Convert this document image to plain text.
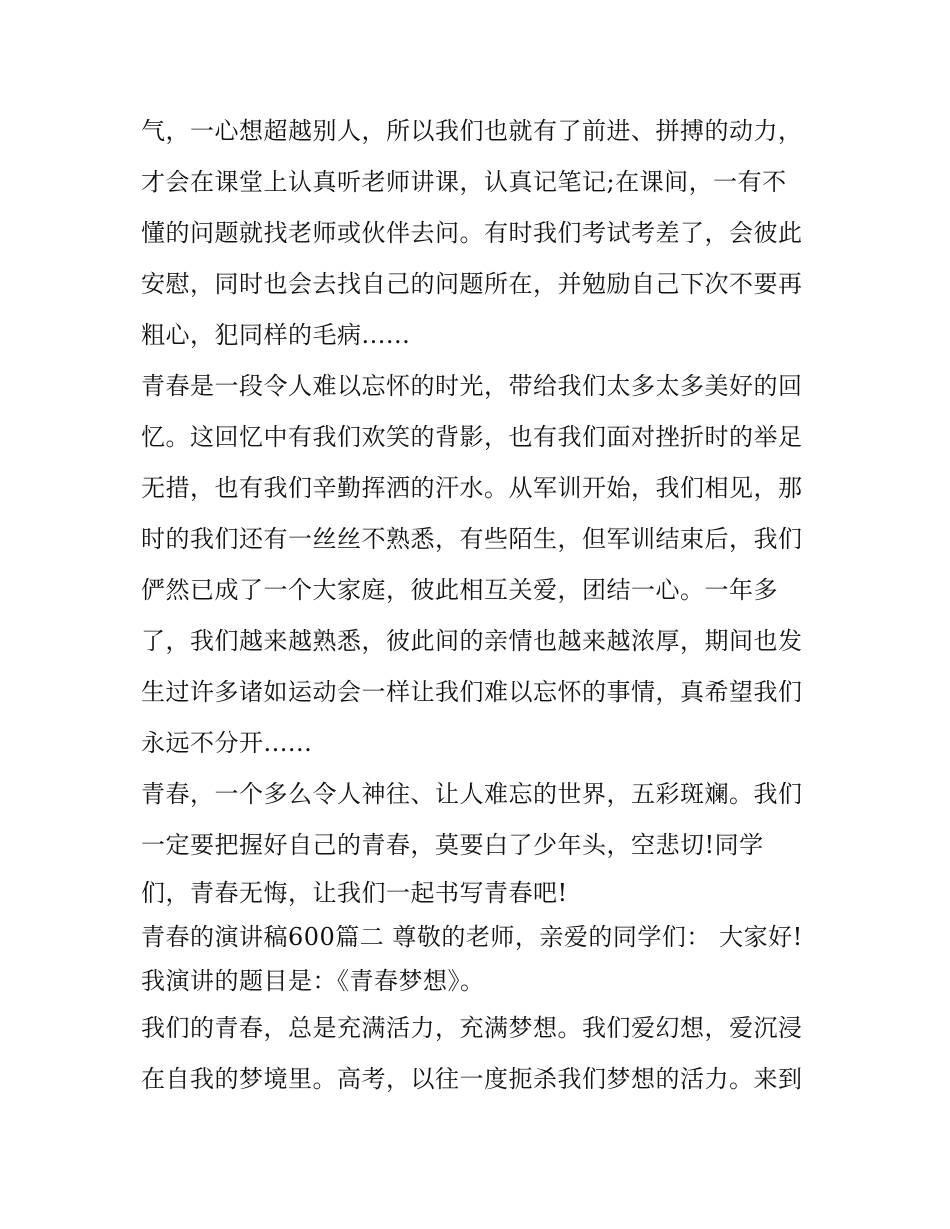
气，一心想超越别人，所以我们也就有了前进、拼搏的动力，
才会在课堂上认真听老师讲课，认真记笔记;在课间，一有不
懂的问题就找老师或伙伴去问。有时我们考试考差了，会彼此
安慰，同时也会去找自己的问题所在，并勉励自己下次不要再
粗心，犯同样的毛病......
青春是一段令人难以忘怀的时光，带给我们太多太多美好的回
忆。这回忆中有我们欢笑的背影，也有我们面对挫折时的举足
无措，也有我们辛勤挥洒的汗水。从军训开始，我们相见，那
时的我们还有一丝丝不熟悉，有些陌生，但军训结束后，我们
俨然已成了一个大家庭，彼此相互关爱，团结一心。一年多
了，我们越来越熟悉，彼此间的亲情也越来越浓厚，期间也发
生过许多诸如运动会一样让我们难以忘怀的事情，真希望我们
永远不分开......
青春，一个多么令人神往、让人难忘的世界，五彩斑斓。我们
一定要把握好自己的青春，莫要白了少年头，空悲切!同学
们，青春无悔，让我们一起书写青春吧!
青春的演讲稿600篇二 尊敬的老师，亲爱的同学们： 大家好!
我演讲的题目是：《青春梦想》。
我们的青春，总是充满活力，充满梦想。我们爱幻想，爱沉浸
在自我的梦境里。高考，以往一度扼杀我们梦想的活力。来到
